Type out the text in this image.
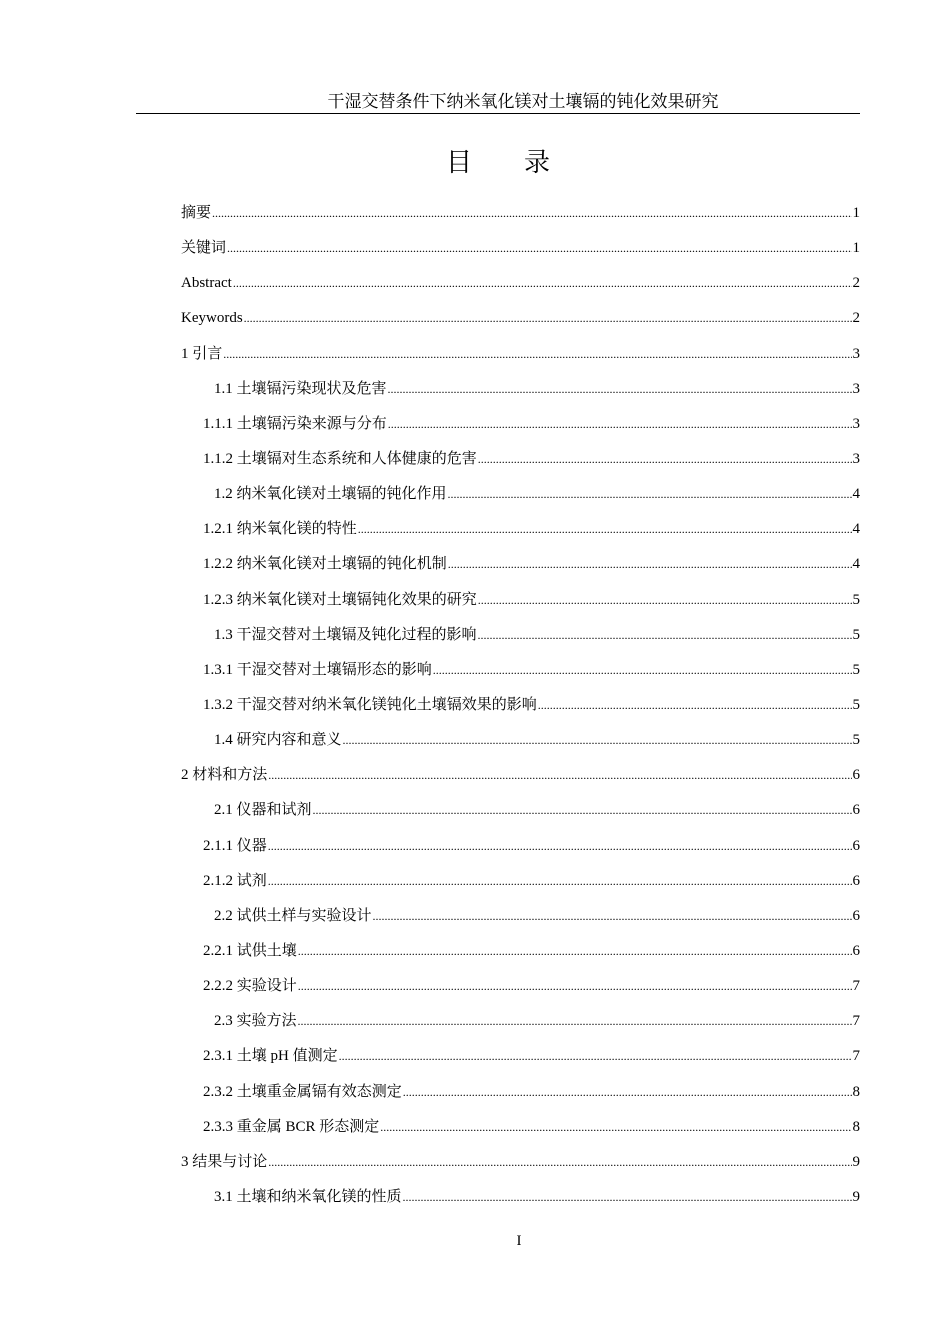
干湿交替条件下纳米氧化镁对土壤镉的钝化效果研究
目 录
摘要 .....	1
关键词 .....	1
Abstract .....	2
Keywords .....	2
1 引言 .....	3
1.1 土壤镉污染现状及危害 .....	3
1.1.1 土壤镉污染来源与分布 .....	3
1.1.2 土壤镉对生态系统和人体健康的危害 .....	3
1.2 纳米氧化镁对土壤镉的钝化作用 .....	4
1.2.1 纳米氧化镁的特性 .....	4
1.2.2 纳米氧化镁对土壤镉的钝化机制 .....	4
1.2.3 纳米氧化镁对土壤镉钝化效果的研究 .....	5
1.3 干湿交替对土壤镉及钝化过程的影响 .....	5
1.3.1 干湿交替对土壤镉形态的影响 .....	5
1.3.2 干湿交替对纳米氧化镁钝化土壤镉效果的影响 .....	5
1.4 研究内容和意义 .....	5
2 材料和方法 .....	6
2.1 仪器和试剂 .....	6
2.1.1 仪器 .....	6
2.1.2 试剂 .....	6
2.2 试供土样与实验设计 .....	6
2.2.1 试供土壤 .....	6
2.2.2 实验设计 .....	7
2.3 实验方法 .....	7
2.3.1 土壤 pH 值测定 .....	7
2.3.2 土壤重金属镉有效态测定 .....	8
2.3.3 重金属 BCR 形态测定 .....	8
3 结果与讨论 .....	9
3.1 土壤和纳米氧化镁的性质 .....	9
I
